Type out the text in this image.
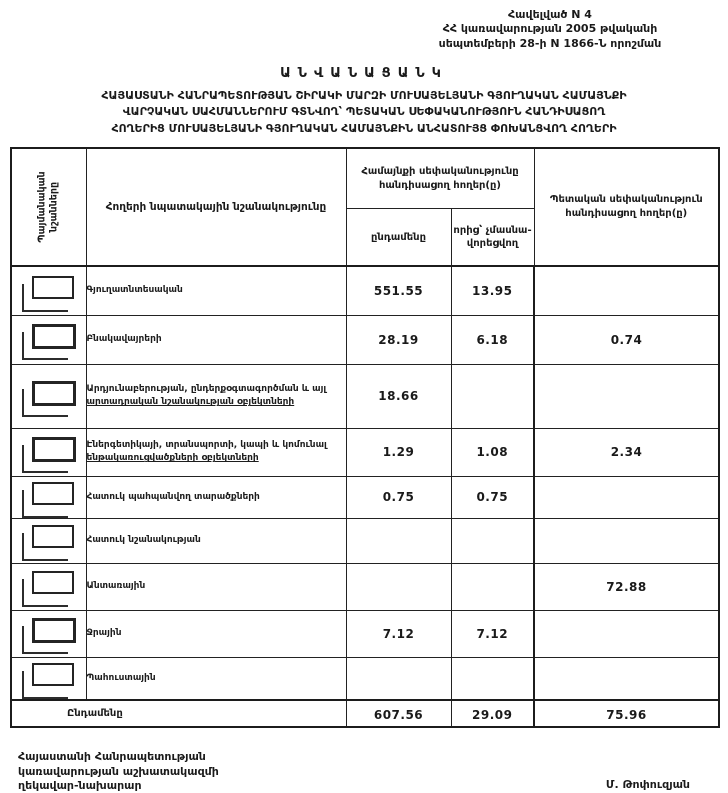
Հավելված N 4
ՀՀ կառավարության 2005 թվականի
սեպտեմբերի 28-ի N 1866-Ն որոշման
ԱՆՎԱՆԱՑԱՆԿ
ՀԱՅԱՍՏԱՆԻ ՀԱՆՐԱՊԵՏՈՒԹՅԱՆ ՇԻՐԱԿԻ ՄԱՐԶԻ ՄՈՒՍԱՅԵԼՅԱՆԻ ԳՅՈՒՂԱԿԱՆ ՀԱՄԱՅՆՔԻ
ՎԱՐՉԱԿԱՆ ՍԱՀՄԱՆՆԵՐՈՒՄ ԳՏՆՎՈՂ՝ ՊԵՏԱԿԱՆ ՍԵՓԱԿԱՆՈՒԹՅՈՒՆ ՀԱՆԴԻՍԱՑՈՂ
ՀՈՂԵՐԻՑ ՄՈՒՍԱՅԵԼՅԱՆԻ ԳՅՈՒՂԱԿԱՆ ՀԱՄԱՅՆՔԻՆ ԱՆՀԱՏՈՒՅՑ ՓՈԽԱՆՑՎՈՂ ՀՈՂԵՐԻ
Պայմանական նշանները	Հողերի նպատակային նշանակությունը	Համայնքի սեփականությունը հանդիսացող հողեր(ը)		Պետական սեփականություն հանդիսացող հողեր(ը)
		ընդամենը	որից՝ չմասնա- վորեցվող	

	Գյուղատնտեսական	551.55	13.95	

	Բնակավայրերի	28.19	6.18	0.74

	Արդյունաբերության, ընդերքօգտագործման և այլ
արտադրական նշանակության օբյեկտների	18.66		

	Էներգետիկայի, տրանսպորտի, կապի և կոմունալ
ենթակառուցվածքների օբյեկտների	1.29	1.08	2.34

	Հատուկ պահպանվող տարածքների	0.75	0.75	

	Հատուկ նշանակության			

	Անտառային			72.88

	Ջրային	7.12	7.12	

	Պահուստային			

Ընդամենը		607.56	29.09	75.96
Հայաստանի Հանրապետության
կառավարության աշխատակազմի
ղեկավար-նախարար	Մ. Թոփուզյան
